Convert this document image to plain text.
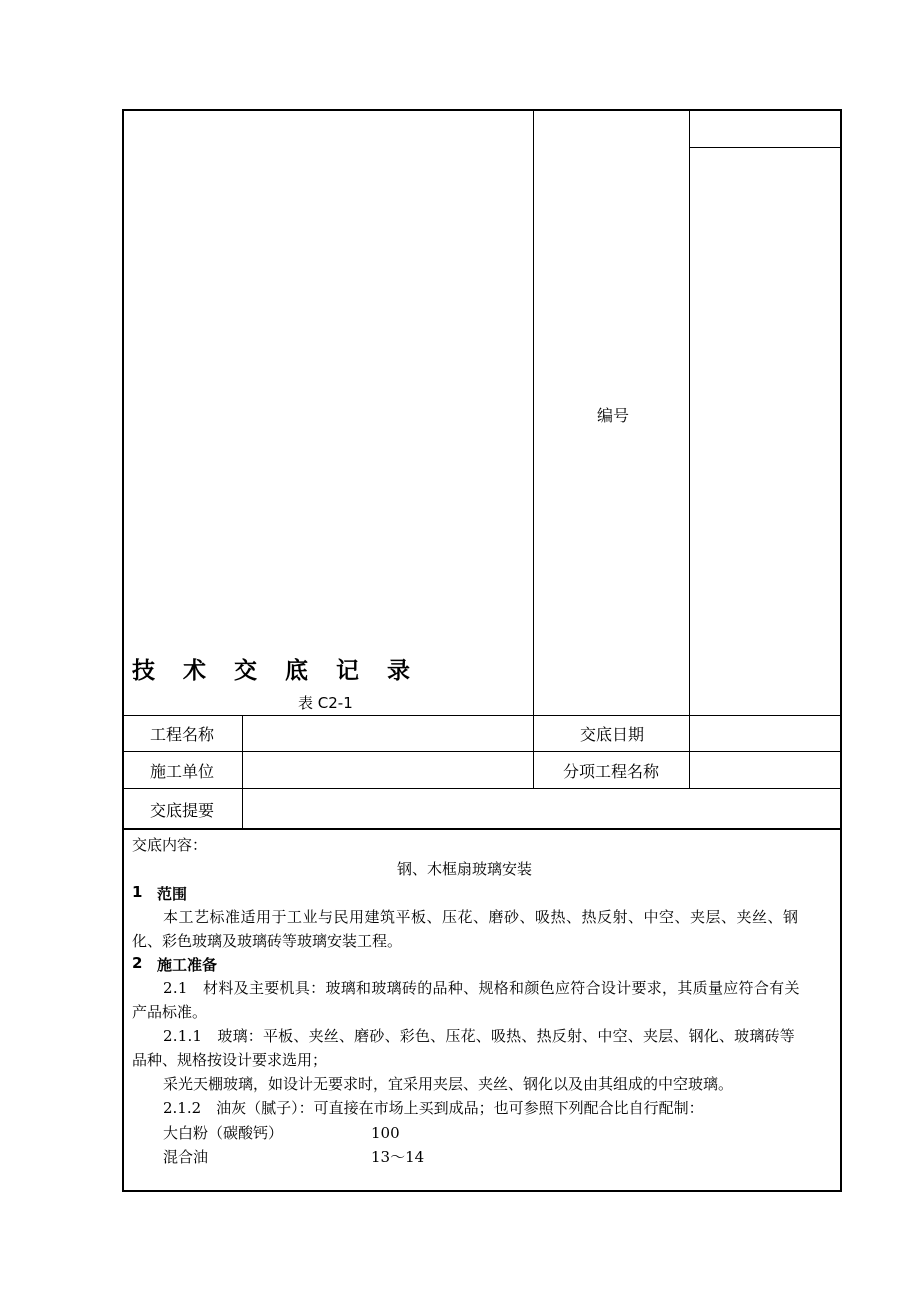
技 术 交 底 记 录
表 C2-1
编号
工程名称	交底日期
施工单位	分项工程名称
交底提要
交底内容：
钢、木框扇玻璃安装
1 范围
本工艺标准适用于工业与民用建筑平板、压花、磨砂、吸热、热反射、中空、夹层、夹丝、钢
化、彩色玻璃及玻璃砖等玻璃安装工程。
2 施工准备
2.1　材料及主要机具：玻璃和玻璃砖的品种、规格和颜色应符合设计要求，其质量应符合有关
产品标准。
2.1.1　玻璃：平板、夹丝、磨砂、彩色、压花、吸热、热反射、中空、夹层、钢化、玻璃砖等
品种、规格按设计要求选用；
采光天棚玻璃，如设计无要求时，宜采用夹层、夹丝、钢化以及由其组成的中空玻璃。
2.1.2　油灰（腻子）：可直接在市场上买到成品；也可参照下列配合比自行配制：
大白粉（碳酸钙）	100
混合油	13～14
